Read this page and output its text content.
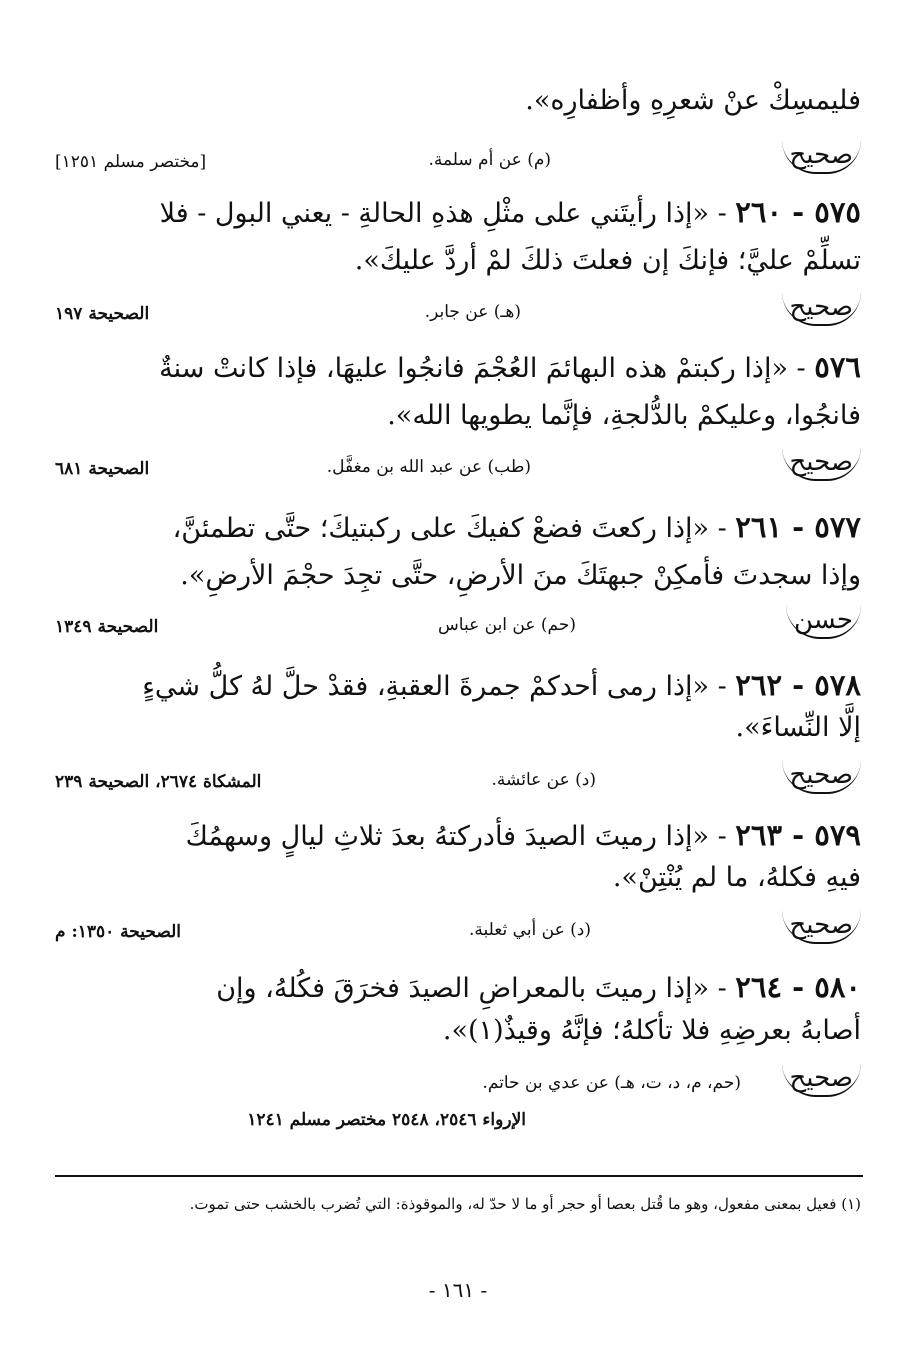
فليمسِكْ عنْ شعرِهِ وأظفارِه».
صحيح
(م) عن أم سلمة.
[مختصر مسلم ١٢٥١]
٥٧٥ - ٢٦٠ - «إذا رأيتَني على مثْلِ هذهِ الحالةِ - يعني البول - فلا
تسلِّمْ عليَّ؛ فإنكَ إن فعلتَ ذلكَ لمْ أردَّ عليكَ».
صحيح
(هـ) عن جابر.
الصحيحة ١٩٧
٥٧٦ - «إذا ركبتمْ هذه البهائمَ العُجْمَ فانجُوا عليهَا، فإذا كانتْ سنةٌ
فانجُوا، وعليكمْ بالدُّلجةِ، فإنَّما يطويها الله».
صحيح
(طب) عن عبد الله بن مغفَّل.
الصحيحة ٦٨١
٥٧٧ - ٢٦١ - «إذا ركعتَ فضعْ كفيكَ على ركبتيكَ؛ حتَّى تطمئنَّ،
وإذا سجدتَ فأمكِنْ جبهتَكَ منَ الأرضِ، حتَّى تجِدَ حجْمَ الأرضِ».
حسن
(حم) عن ابن عباس
الصحيحة ١٣٤٩
٥٧٨ - ٢٦٢ - «إذا رمى أحدكمْ جمرةَ العقبةِ، فقدْ حلَّ لهُ كلُّ شيءٍ
إلَّا النِّساءَ».
صحيح
(د) عن عائشة.
المشكاة ٢٦٧٤، الصحيحة ٢٣٩
٥٧٩ - ٢٦٣ - «إذا رميتَ الصيدَ فأدركتهُ بعدَ ثلاثِ ليالٍ وسهمُكَ
فيهِ فكلهُ، ما لم يُنْتِنْ».
صحيح
(د) عن أبي ثعلبة.
الصحيحة ١٣٥٠: م
٥٨٠ - ٢٦٤ - «إذا رميتَ بالمعراضِ الصيدَ فخرَقَ فكُلهُ، وإن
أصابهُ بعرضِهِ فلا تأكلهُ؛ فإنَّهُ وقيذٌ(١)».
صحيح
(حم، م، د، ت، هـ) عن عدي بن حاتم.
الإرواء ٢٥٤٦، ٢٥٤٨ مختصر مسلم ١٢٤١
(١) فعيل بمعنى مفعول، وهو ما قُتل بعصا أو حجر أو ما لا حدّ له، والموقوذة: التي تُضرب بالخشب حتى تموت.
- ١٦١ -
